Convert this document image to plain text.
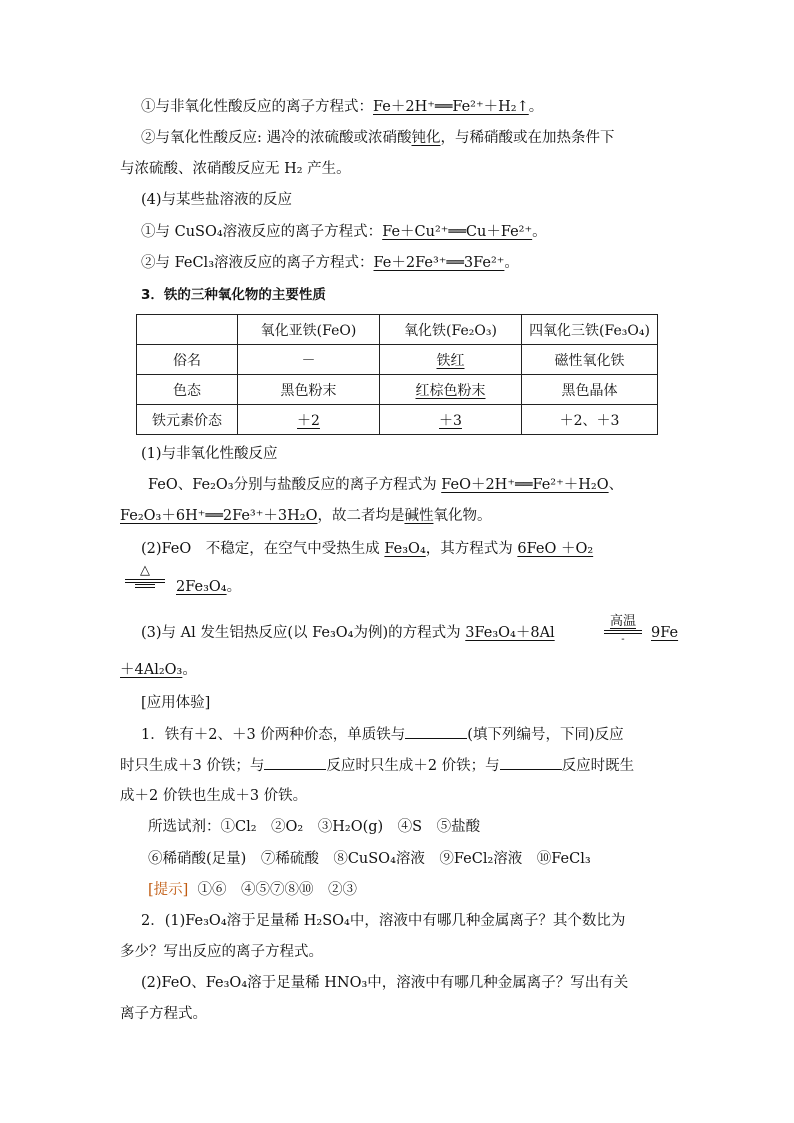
①与非氧化性酸反应的离子方程式：Fe＋2H⁺══Fe²⁺＋H₂↑。
②与氧化性酸反应: 遇冷的浓硫酸或浓硝酸钝化，与稀硝酸或在加热条件下
与浓硫酸、浓硝酸反应无 H₂ 产生。
(4)与某些盐溶液的反应
①与 CuSO₄溶液反应的离子方程式：Fe＋Cu²⁺══Cu＋Fe²⁺。
②与 FeCl₃溶液反应的离子方程式：Fe＋2Fe³⁺══3Fe²⁺。
3．铁的三种氧化物的主要性质
	氧化亚铁(FeO)	氧化铁(Fe₂O₃)	四氧化三铁(Fe₃O₄)
俗名	－	铁红	磁性氧化铁
色态	黑色粉末	红棕色粉末	黑色晶体
铁元素价态	＋2	＋3	＋2、＋3
(1)与非氧化性酸反应
FeO、Fe₂O₃分别与盐酸反应的离子方程式为 FeO＋2H⁺══Fe²⁺＋H₂O、
Fe₂O₃＋6H⁺══2Fe³⁺＋3H₂O，故二者均是碱性氧化物。
(2)FeO　不稳定，在空气中受热生成 Fe₃O₄，其方程式为 6FeO ＋O₂
△
2Fe₃O₄。
(3)与 Al 发生铝热反应(以 Fe₃O₄为例)的方程式为 3Fe₃O₄＋8Al
高温
-	9Fe
＋4Al₂O₃。
[应用体验]
1．铁有＋2、＋3 价两种价态，单质铁与	(填下列编号，下同)反应
时只生成＋3 价铁；与	反应时只生成＋2 价铁；与	反应时既生
成＋2 价铁也生成＋3 价铁。
所选试剂：①Cl₂　②O₂　③H₂O(g)　④S　⑤盐酸
⑥稀硝酸(足量)　⑦稀硫酸　⑧CuSO₄溶液　⑨FeCl₂溶液　⑩FeCl₃
[提示] ①⑥　④⑤⑦⑧⑩　②③
2．(1)Fe₃O₄溶于足量稀 H₂SO₄中，溶液中有哪几种金属离子？其个数比为
多少？写出反应的离子方程式。
(2)FeO、Fe₃O₄溶于足量稀 HNO₃中，溶液中有哪几种金属离子？写出有关
离子方程式。
